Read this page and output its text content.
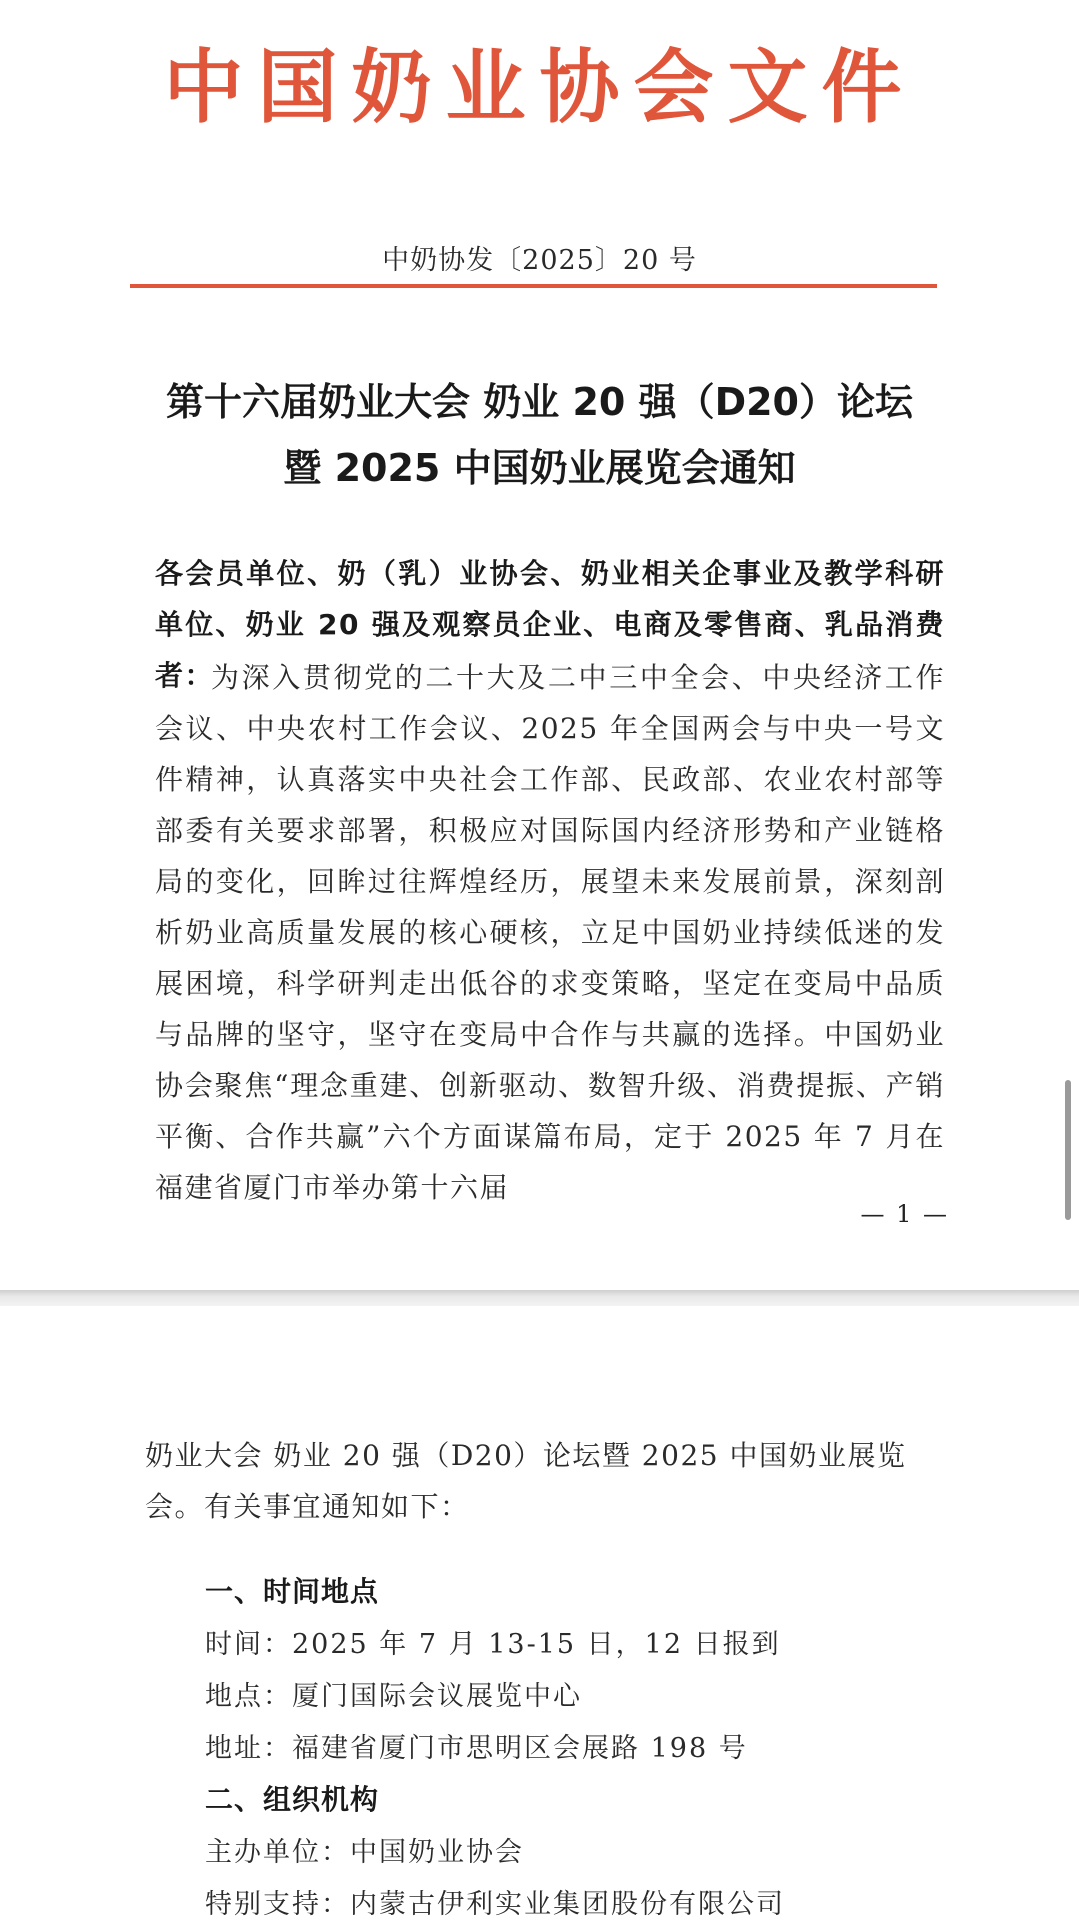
中国奶业协会文件
中奶协发〔2025〕20 号
第十六届奶业大会 奶业 20 强（D20）论坛
暨 2025 中国奶业展览会通知
各会员单位、奶（乳）业协会、奶业相关企事业及教学科研单位、奶业 20 强及观察员企业、电商及零售商、乳品消费者：
为深入贯彻党的二十大及二中三中全会、中央经济工作会议、中央农村工作会议、2025 年全国两会与中央一号文件精神，认真落实中央社会工作部、民政部、农业农村部等部委有关要求部署，积极应对国际国内经济形势和产业链格局的变化，回眸过往辉煌经历，展望未来发展前景，深刻剖析奶业高质量发展的核心硬核，立足中国奶业持续低迷的发展困境，科学研判走出低谷的求变策略，坚定在变局中品质与品牌的坚守，坚守在变局中合作与共赢的选择。中国奶业协会聚焦“理念重建、创新驱动、数智升级、消费提振、产销平衡、合作共赢”六个方面谋篇布局，定于 2025 年 7 月在福建省厦门市举办第十六届
— 1 —
奶业大会 奶业 20 强（D20）论坛暨 2025 中国奶业展览会。有关事宜通知如下：
一、时间地点
时间：2025 年 7 月 13-15 日，12 日报到
地点：厦门国际会议展览中心
地址：福建省厦门市思明区会展路 198 号
二、组织机构
主办单位：中国奶业协会
特别支持：内蒙古伊利实业集团股份有限公司
